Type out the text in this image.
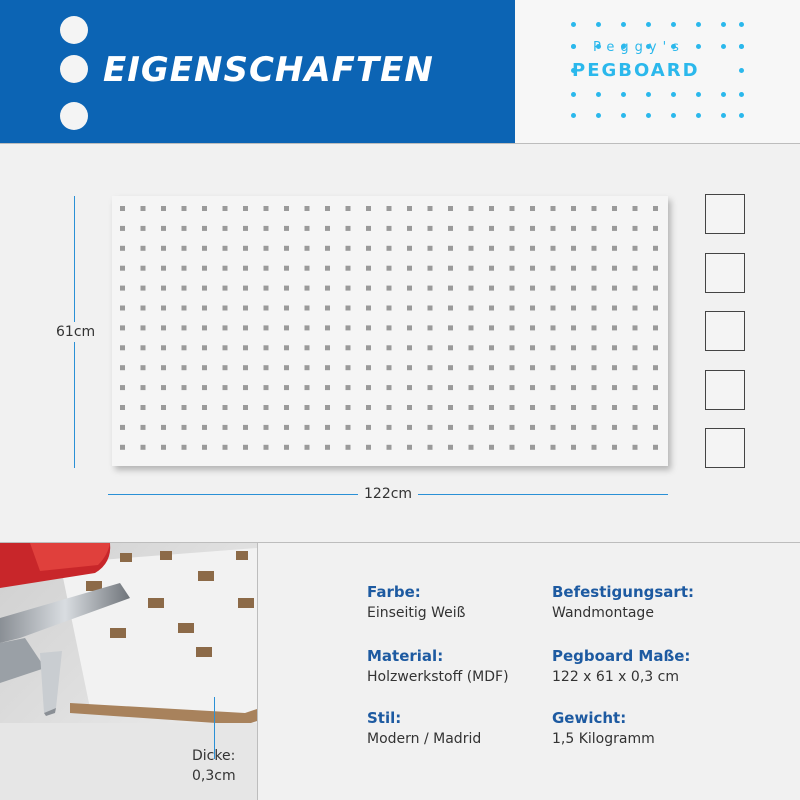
EIGENSCHAFTEN
Peggy's
PEGBOARD
61cm
122cm
Dicke:
0,3cm
Farbe:
Einseitig Weiß
Befestigungsart:
Wandmontage
Material:
Holzwerkstoff (MDF)
Pegboard Maße:
122 x 61 x 0,3 cm
Stil:
Modern / Madrid
Gewicht:
1,5 Kilogramm
